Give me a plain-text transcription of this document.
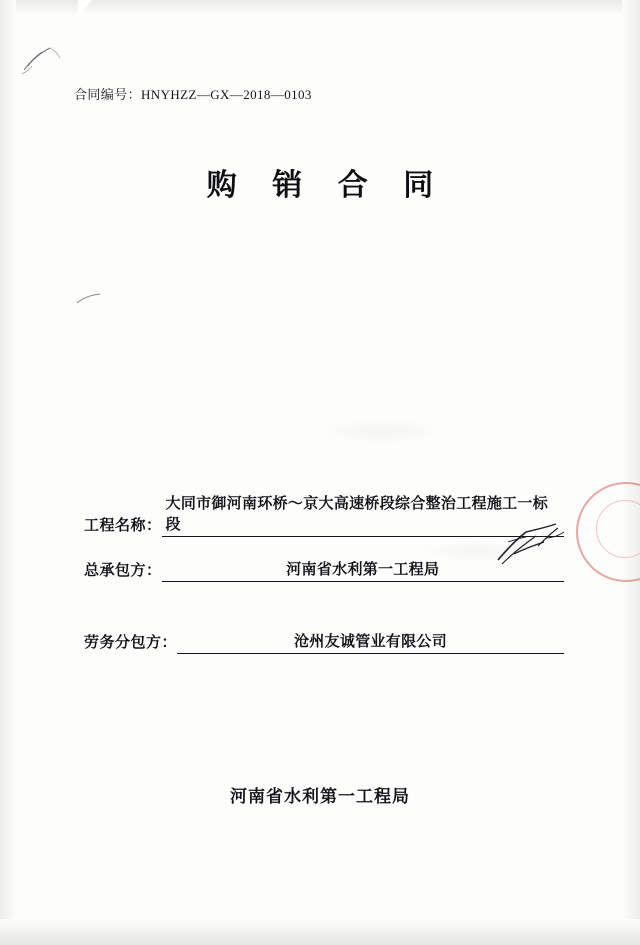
合同编号：HNYHZZ—GX—2018—0103
购 销 合 同
工程名称：
大同市御河南环桥～京大高速桥段综合整治工程施工一标段
总承包方：	河南省水利第一工程局
劳务分包方：	沧州友诚管业有限公司
河南省水利第一工程局
